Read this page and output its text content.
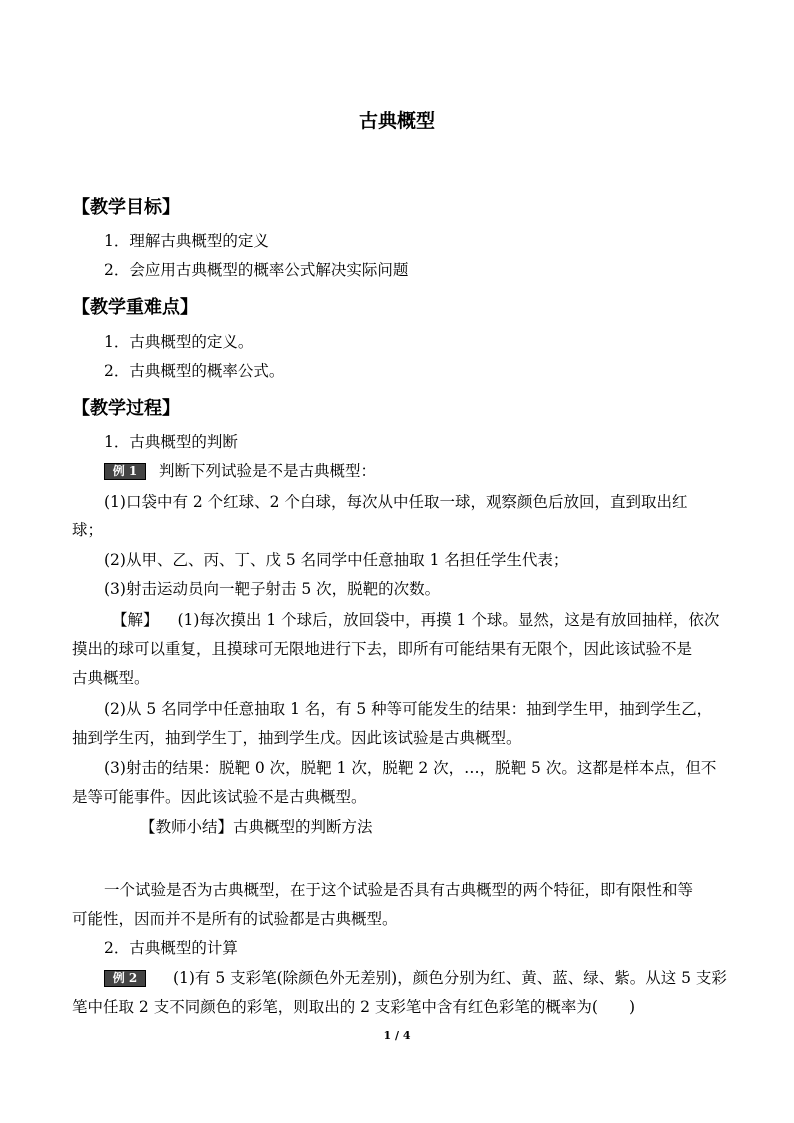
古典概型
【教学目标】
1．理解古典概型的定义
2．会应用古典概型的概率公式解决实际问题
【教学重难点】
1．古典概型的定义。
2．古典概型的概率公式。
【教学过程】
1．古典概型的判断
例 1 判断下列试验是不是古典概型：
(1)口袋中有 2 个红球、2 个白球，每次从中任取一球，观察颜色后放回，直到取出红
球；
(2)从甲、乙、丙、丁、戊 5 名同学中任意抽取 1 名担任学生代表；
(3)射击运动员向一靶子射击 5 次，脱靶的次数。
【解】 (1)每次摸出 1 个球后，放回袋中，再摸 1 个球。显然，这是有放回抽样，依次
摸出的球可以重复，且摸球可无限地进行下去，即所有可能结果有无限个，因此该试验不是
古典概型。
(2)从 5 名同学中任意抽取 1 名，有 5 种等可能发生的结果：抽到学生甲，抽到学生乙，
抽到学生丙，抽到学生丁，抽到学生戊。因此该试验是古典概型。
(3)射击的结果：脱靶 0 次，脱靶 1 次，脱靶 2 次，…，脱靶 5 次。这都是样本点，但不
是等可能事件。因此该试验不是古典概型。
【教师小结】古典概型的判断方法
一个试验是否为古典概型，在于这个试验是否具有古典概型的两个特征，即有限性和等
可能性，因而并不是所有的试验都是古典概型。
2．古典概型的计算
例 2 (1)有 5 支彩笔(除颜色外无差别)，颜色分别为红、黄、蓝、绿、紫。从这 5 支彩
笔中任取 2 支不同颜色的彩笔，则取出的 2 支彩笔中含有红色彩笔的概率为(　　)
1 / 4
